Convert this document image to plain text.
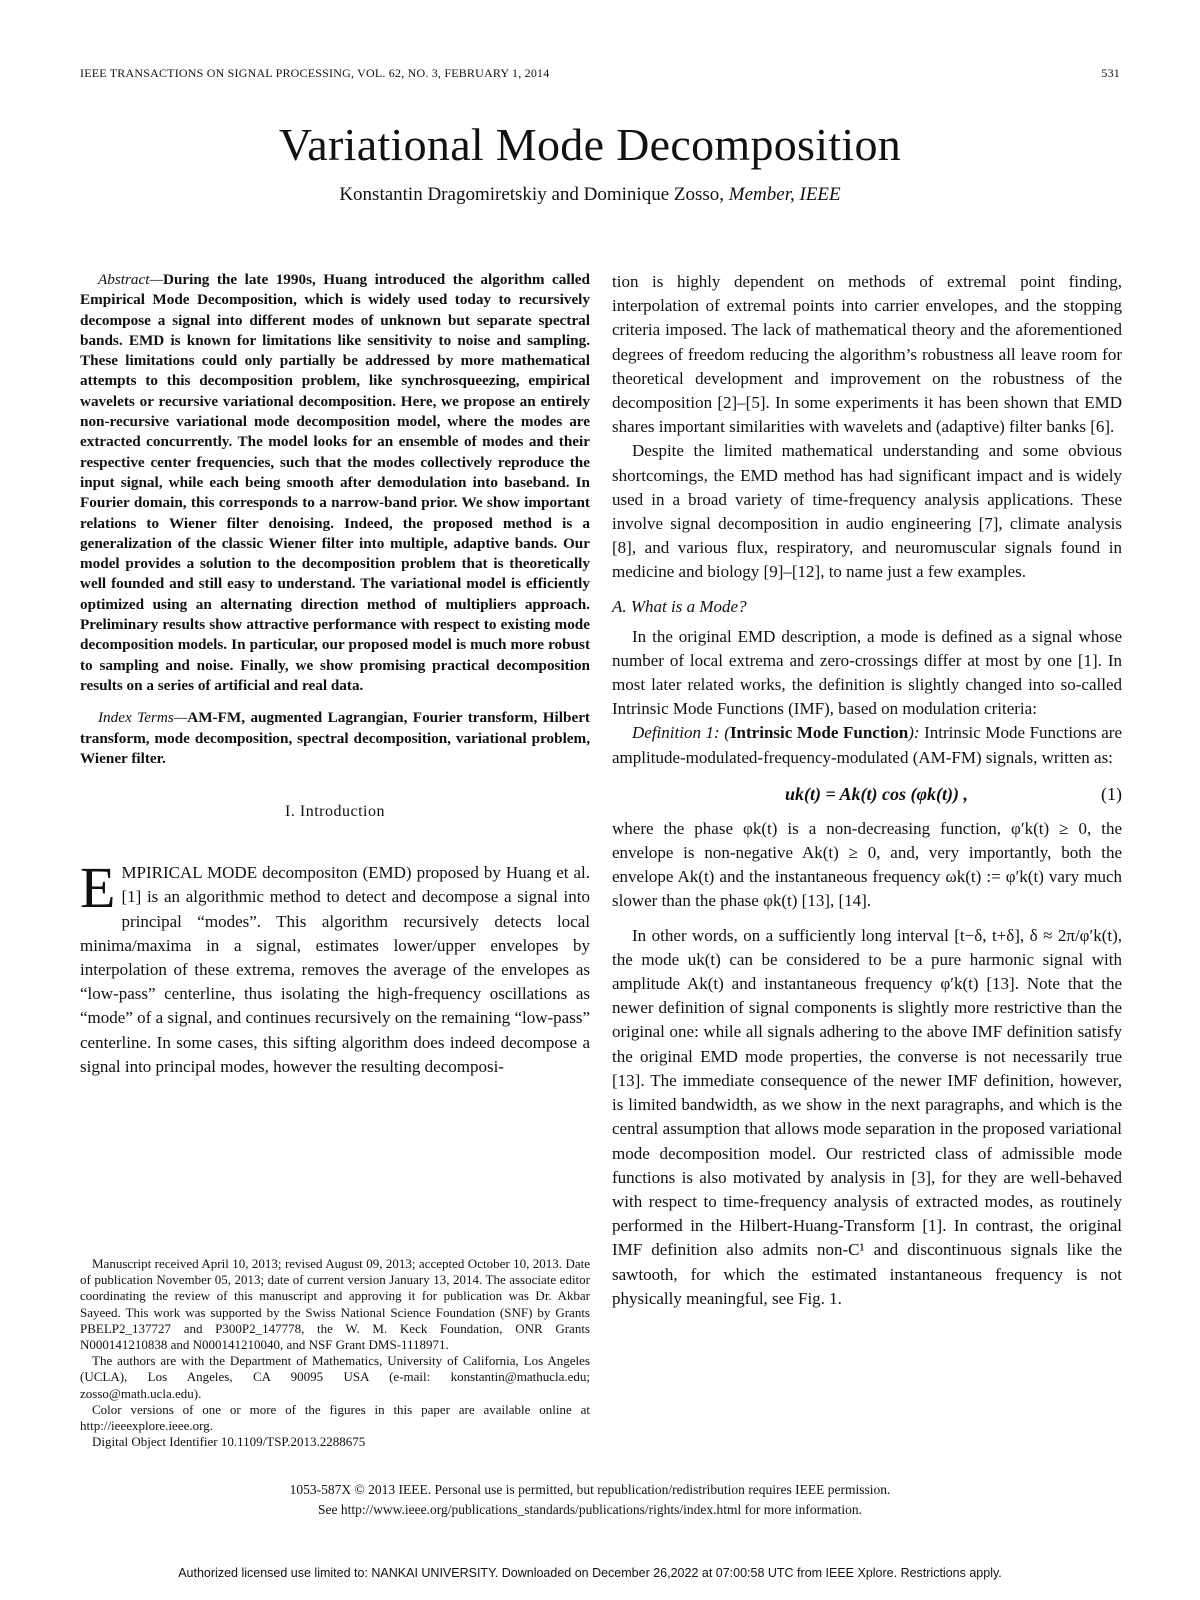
IEEE TRANSACTIONS ON SIGNAL PROCESSING, VOL. 62, NO. 3, FEBRUARY 1, 2014	531
Variational Mode Decomposition
Konstantin Dragomiretskiy and Dominique Zosso, Member, IEEE

Abstract—During the late 1990s, Huang introduced the algorithm called Empirical Mode Decomposition, which is widely used today to recursively decompose a signal into different modes of unknown but separate spectral bands. EMD is known for limitations like sensitivity to noise and sampling. These limitations could only partially be addressed by more mathematical attempts to this decomposition problem, like synchrosqueezing, empirical wavelets or recursive variational decomposition. Here, we propose an entirely non-recursive variational mode decomposition model, where the modes are extracted concurrently. The model looks for an ensemble of modes and their respective center frequencies, such that the modes collectively reproduce the input signal, while each being smooth after demodulation into baseband. In Fourier domain, this corresponds to a narrow-band prior. We show important relations to Wiener filter denoising. Indeed, the proposed method is a generalization of the classic Wiener filter into multiple, adaptive bands. Our model provides a solution to the decomposition problem that is theoretically well founded and still easy to understand. The variational model is efficiently optimized using an alternating direction method of multipliers approach. Preliminary results show attractive performance with respect to existing mode decomposition models. In particular, our proposed model is much more robust to sampling and noise. Finally, we show promising practical decomposition results on a series of artificial and real data.

Index Terms—AM-FM, augmented Lagrangian, Fourier transform, Hilbert transform, mode decomposition, spectral decomposition, variational problem, Wiener filter.

I. Introduction

EMPIRICAL MODE decompositon (EMD) proposed by Huang et al. [1] is an algorithmic method to detect and decompose a signal into principal “modes”. This algorithm recursively detects local minima/maxima in a signal, estimates lower/upper envelopes by interpolation of these extrema, removes the average of the envelopes as “low-pass” centerline, thus isolating the high-frequency oscillations as “mode” of a signal, and continues recursively on the remaining “low-pass” centerline. In some cases, this sifting algorithm does indeed decompose a signal into principal modes, however the resulting decomposi-

Manuscript received April 10, 2013; revised August 09, 2013; accepted October 10, 2013. Date of publication November 05, 2013; date of current version January 13, 2014. The associate editor coordinating the review of this manuscript and approving it for publication was Dr. Akbar Sayeed. This work was supported by the Swiss National Science Foundation (SNF) by Grants PBELP2_137727 and P300P2_147778, the W. M. Keck Foundation, ONR Grants N000141210838 and N000141210040, and NSF Grant DMS-1118971.

The authors are with the Department of Mathematics, University of California, Los Angeles (UCLA), Los Angeles, CA 90095 USA (e-mail: konstantin@mathucla.edu; zosso@math.ucla.edu).

Color versions of one or more of the figures in this paper are available online at http://ieeexplore.ieee.org.

Digital Object Identifier 10.1109/TSP.2013.2288675

tion is highly dependent on methods of extremal point finding, interpolation of extremal points into carrier envelopes, and the stopping criteria imposed. The lack of mathematical theory and the aforementioned degrees of freedom reducing the algorithm’s robustness all leave room for theoretical development and improvement on the robustness of the decomposition [2]–[5]. In some experiments it has been shown that EMD shares important similarities with wavelets and (adaptive) filter banks [6].

Despite the limited mathematical understanding and some obvious shortcomings, the EMD method has had significant impact and is widely used in a broad variety of time-frequency analysis applications. These involve signal decomposition in audio engineering [7], climate analysis [8], and various flux, respiratory, and neuromuscular signals found in medicine and biology [9]–[12], to name just a few examples.

A. What is a Mode?

In the original EMD description, a mode is defined as a signal whose number of local extrema and zero-crossings differ at most by one [1]. In most later related works, the definition is slightly changed into so-called Intrinsic Mode Functions (IMF), based on modulation criteria:

Definition 1: (Intrinsic Mode Function): Intrinsic Mode Functions are amplitude-modulated-frequency-modulated (AM-FM) signals, written as:

uk(t) = Ak(t) cos (φk(t)) ,	(1)

where the phase φk(t) is a non-decreasing function, φ′k(t) ≥ 0, the envelope is non-negative Ak(t) ≥ 0, and, very importantly, both the envelope Ak(t) and the instantaneous frequency ωk(t) := φ′k(t) vary much slower than the phase φk(t) [13], [14].

In other words, on a sufficiently long interval [t−δ, t+δ], δ ≈ 2π/φ′k(t), the mode uk(t) can be considered to be a pure harmonic signal with amplitude Ak(t) and instantaneous frequency φ′k(t) [13]. Note that the newer definition of signal components is slightly more restrictive than the original one: while all signals adhering to the above IMF definition satisfy the original EMD mode properties, the converse is not necessarily true [13]. The immediate consequence of the newer IMF definition, however, is limited bandwidth, as we show in the next paragraphs, and which is the central assumption that allows mode separation in the proposed variational mode decomposition model. Our restricted class of admissible mode functions is also motivated by analysis in [3], for they are well-behaved with respect to time-frequency analysis of extracted modes, as routinely performed in the Hilbert-Huang-Transform [1]. In contrast, the original IMF definition also admits non-C¹ and discontinuous signals like the sawtooth, for which the estimated instantaneous frequency is not physically meaningful, see Fig. 1.

1053-587X © 2013 IEEE. Personal use is permitted, but republication/redistribution requires IEEE permission.
See http://www.ieee.org/publications_standards/publications/rights/index.html for more information.
Authorized licensed use limited to: NANKAI UNIVERSITY. Downloaded on December 26,2022 at 07:00:58 UTC from IEEE Xplore. Restrictions apply.
